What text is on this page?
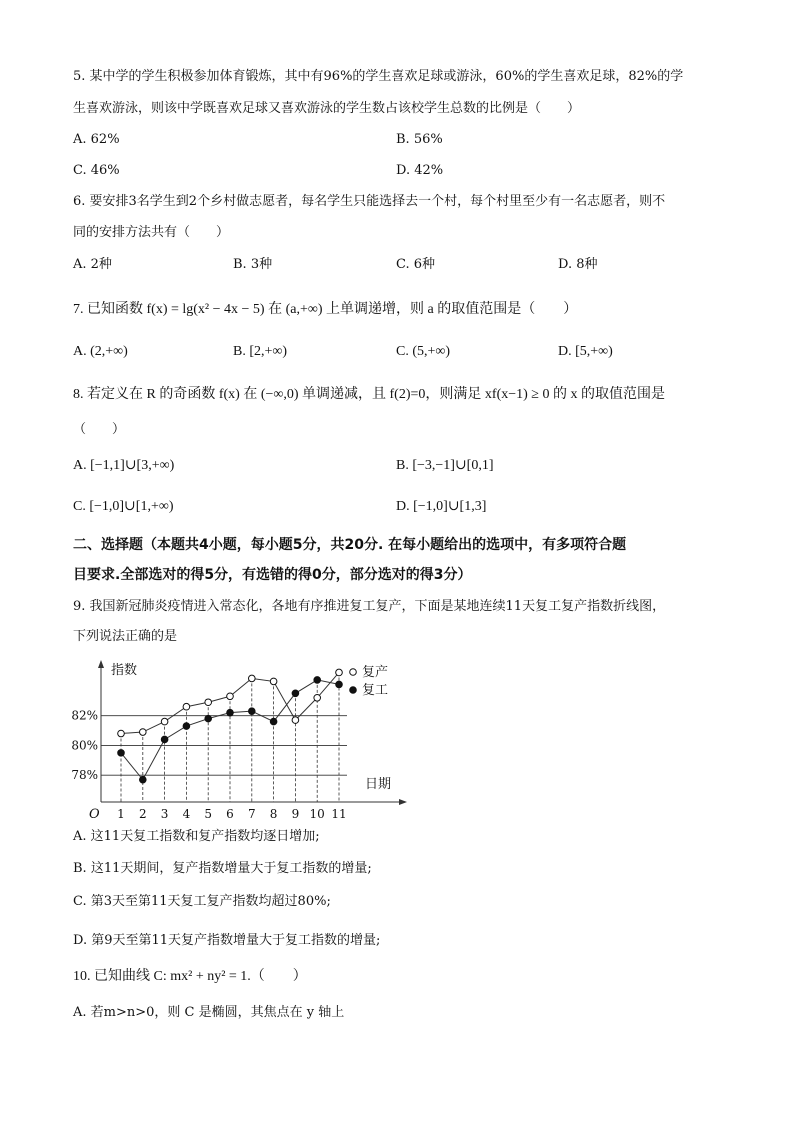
5. 某中学的学生积极参加体育锻炼，其中有96%的学生喜欢足球或游泳，60%的学生喜欢足球，82%的学
生喜欢游泳，则该中学既喜欢足球又喜欢游泳的学生数占该校学生总数的比例是（　　）
A. 62%	B. 56%
C. 46%	D. 42%
6. 要安排3名学生到2个乡村做志愿者，每名学生只能选择去一个村，每个村里至少有一名志愿者，则不
同的安排方法共有（　　）
A. 2种	B. 3种	C. 6种	D. 8种
7. 已知函数 f(x) = lg(x² − 4x − 5) 在 (a,+∞) 上单调递增，则 a 的取值范围是（　　）
A. (2,+∞)	B. [2,+∞)	C. (5,+∞)	D. [5,+∞)
8. 若定义在 R 的奇函数 f(x) 在 (−∞,0) 单调递减，且 f(2)=0，则满足 xf(x−1) ≥ 0 的 x 的取值范围是
（　　）
A. [−1,1]∪[3,+∞)	B. [−3,−1]∪[0,1]
C. [−1,0]∪[1,+∞)	D. [−1,0]∪[1,3]
二、选择题（本题共4小题，每小题5分，共20分. 在每小题给出的选项中，有多项符合题
目要求.全部选对的得5分，有选错的得0分，部分选对的得3分）
9. 我国新冠肺炎疫情进入常态化，各地有序推进复工复产，下面是某地连续11天复工复产指数折线图，
下列说法正确的是
指数
日期
O
82%
80%
78%
1 2 3 4 5 6 7 8 9 10 11
复产
复工
A. 这11天复工指数和复产指数均逐日增加;
B. 这11天期间，复产指数增量大于复工指数的增量;
C. 第3天至第11天复工复产指数均超过80%;
D. 第9天至第11天复产指数增量大于复工指数的增量;
10. 已知曲线 C: mx² + ny² = 1.（　　）
A. 若m>n>0，则 C 是椭圆，其焦点在 y 轴上
